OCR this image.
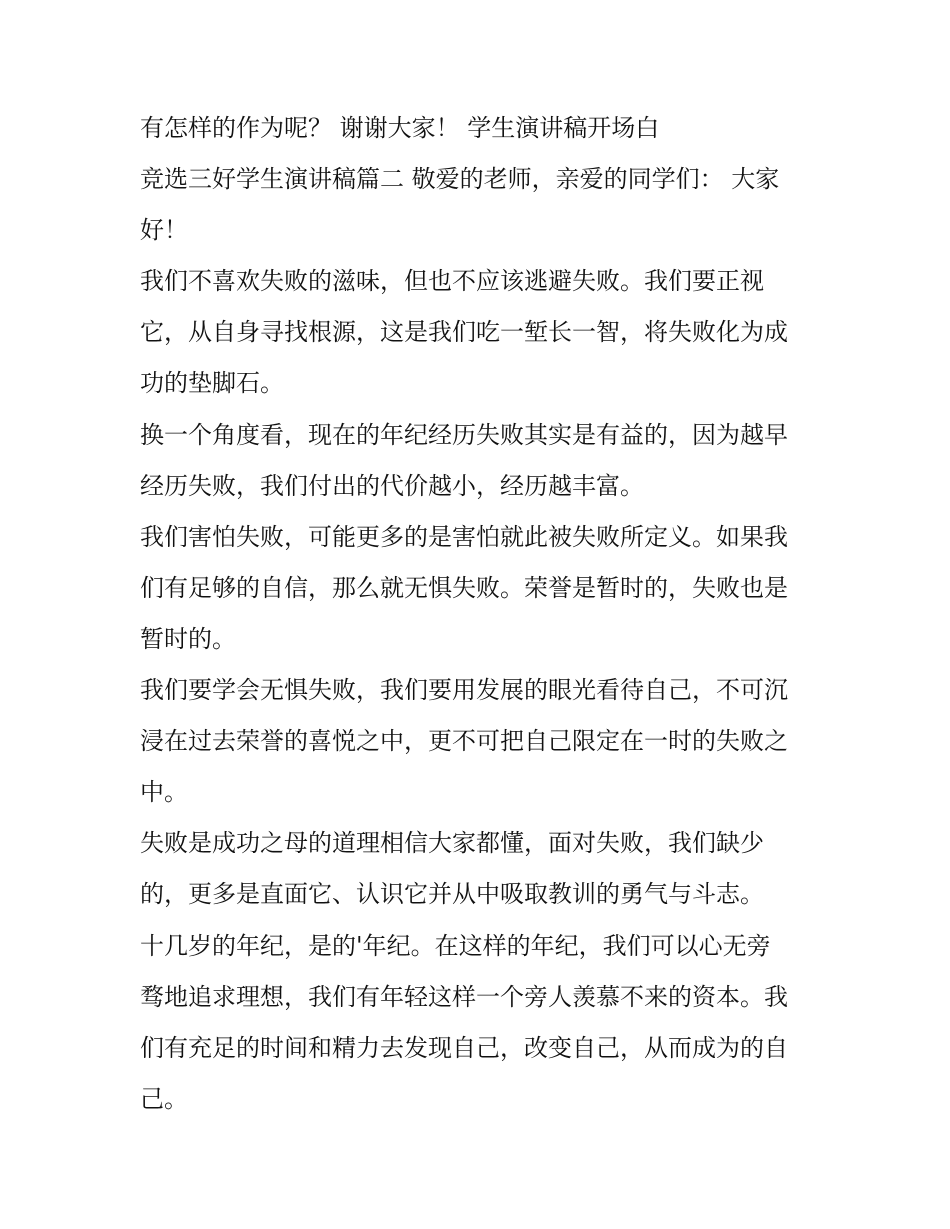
有怎样的作为呢？ 谢谢大家！ 学生演讲稿开场白
竞选三好学生演讲稿篇二 敬爱的老师，亲爱的同学们： 大家
好！
我们不喜欢失败的滋味，但也不应该逃避失败。我们要正视
它，从自身寻找根源，这是我们吃一堑长一智，将失败化为成
功的垫脚石。
换一个角度看，现在的年纪经历失败其实是有益的，因为越早
经历失败，我们付出的代价越小，经历越丰富。
我们害怕失败，可能更多的是害怕就此被失败所定义。如果我
们有足够的自信，那么就无惧失败。荣誉是暂时的，失败也是
暂时的。
我们要学会无惧失败，我们要用发展的眼光看待自己，不可沉
浸在过去荣誉的喜悦之中，更不可把自己限定在一时的失败之
中。
失败是成功之母的道理相信大家都懂，面对失败，我们缺少
的，更多是直面它、认识它并从中吸取教训的勇气与斗志。
十几岁的年纪，是的'年纪。在这样的年纪，我们可以心无旁
骛地追求理想，我们有年轻这样一个旁人羡慕不来的资本。我
们有充足的时间和精力去发现自己，改变自己，从而成为的自
己。
